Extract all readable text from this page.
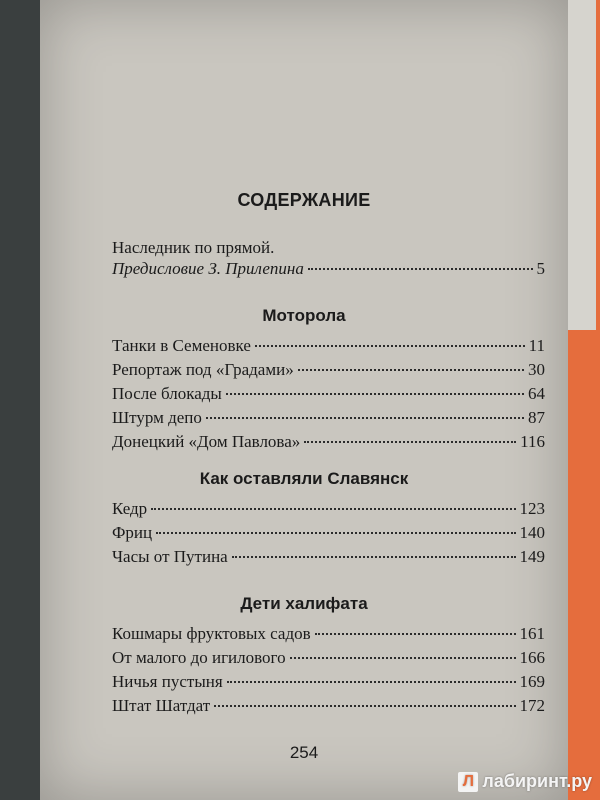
СОДЕРЖАНИЕ
Наследник по прямой.
Предисловие З. Прилепина	5
Моторола
Танки в Семеновке	11
Репортаж под «Градами»	30
После блокады	64
Штурм депо	87
Донецкий «Дом Павлова»	116
Как оставляли Славянск
Кедр	123
Фриц	140
Часы от Путина	149
Дети халифата
Кошмары фруктовых садов	161
От малого до игилового	166
Ничья пустыня	169
Штат Шатдат	172
254
Л лабиринт.ру
